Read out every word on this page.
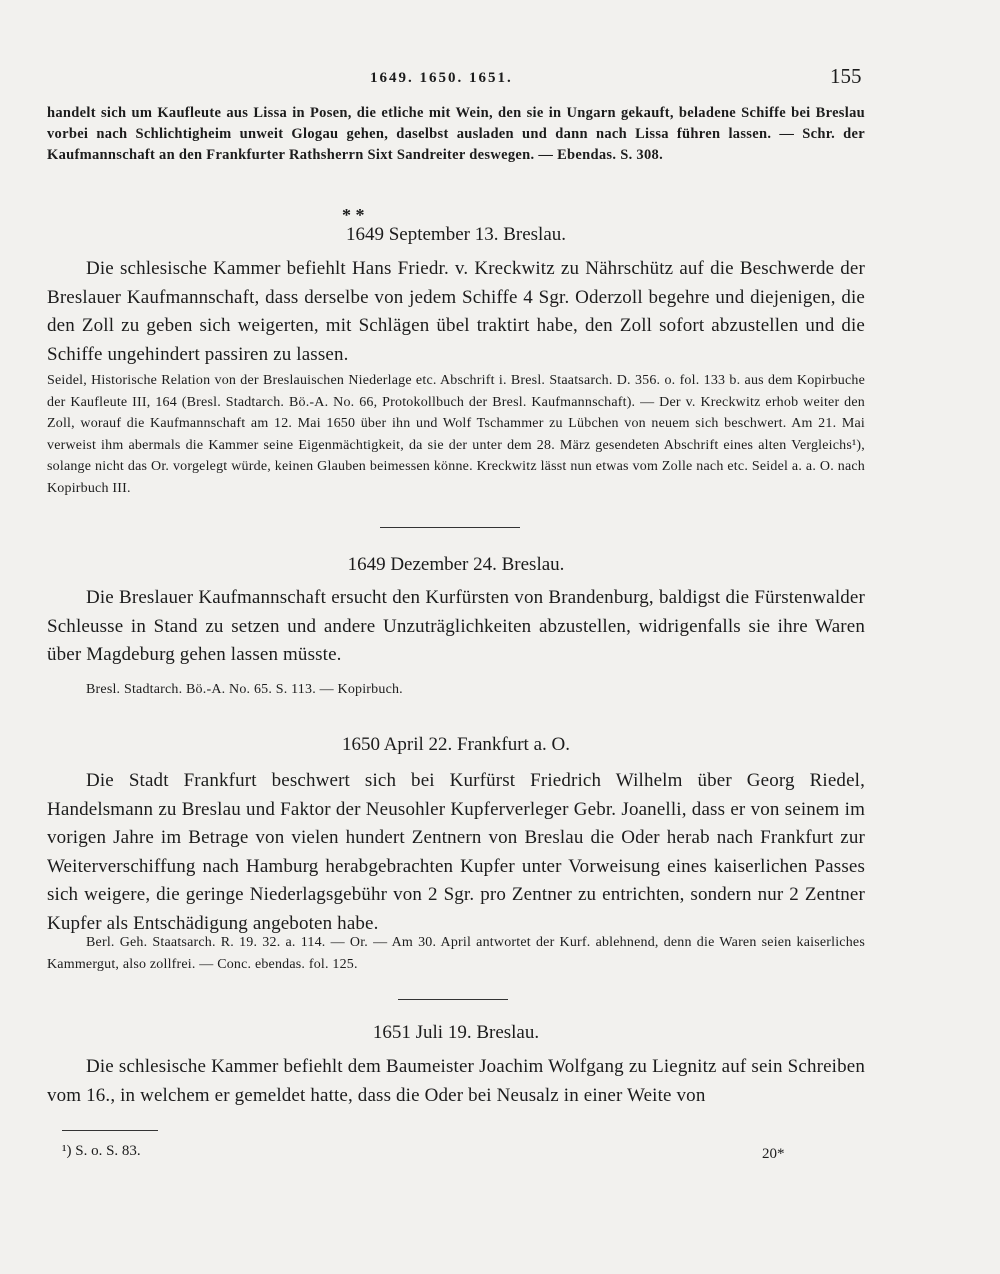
1649. 1650. 1651.	155
handelt sich um Kaufleute aus Lissa in Posen, die etliche mit Wein, den sie in Ungarn gekauft, beladene Schiffe bei Breslau vorbei nach Schlichtigheim unweit Glogau gehen, daselbst ausladen und dann nach Lissa führen lassen. — Schr. der Kaufmannschaft an den Frankfurter Rathsherrn Sixt Sandreiter deswegen. — Ebendas. S. 308.
* *
1649 September 13. Breslau.
Die schlesische Kammer befiehlt Hans Friedr. v. Kreckwitz zu Nährschütz auf die Beschwerde der Breslauer Kaufmannschaft, dass derselbe von jedem Schiffe 4 Sgr. Oderzoll begehre und diejenigen, die den Zoll zu geben sich weigerten, mit Schlägen übel traktirt habe, den Zoll sofort abzustellen und die Schiffe ungehindert passiren zu lassen.
Seidel, Historische Relation von der Breslauischen Niederlage etc. Abschrift i. Bresl. Staatsarch. D. 356. o. fol. 133 b. aus dem Kopirbuche der Kaufleute III, 164 (Bresl. Stadtarch. Bö.-A. No. 66, Protokollbuch der Bresl. Kaufmannschaft). — Der v. Kreckwitz erhob weiter den Zoll, worauf die Kaufmannschaft am 12. Mai 1650 über ihn und Wolf Tschammer zu Lübchen von neuem sich beschwert. Am 21. Mai verweist ihm abermals die Kammer seine Eigenmächtigkeit, da sie der unter dem 28. März gesendeten Abschrift eines alten Vergleichs¹), solange nicht das Or. vorgelegt würde, keinen Glauben beimessen könne. Kreckwitz lässt nun etwas vom Zolle nach etc. Seidel a. a. O. nach Kopirbuch III.
1649 Dezember 24. Breslau.
Die Breslauer Kaufmannschaft ersucht den Kurfürsten von Brandenburg, baldigst die Fürstenwalder Schleusse in Stand zu setzen und andere Unzuträglichkeiten abzustellen, widrigenfalls sie ihre Waren über Magdeburg gehen lassen müsste.
Bresl. Stadtarch. Bö.-A. No. 65. S. 113. — Kopirbuch.
1650 April 22. Frankfurt a. O.
Die Stadt Frankfurt beschwert sich bei Kurfürst Friedrich Wilhelm über Georg Riedel, Handelsmann zu Breslau und Faktor der Neusohler Kupferverleger Gebr. Joanelli, dass er von seinem im vorigen Jahre im Betrage von vielen hundert Zentnern von Breslau die Oder herab nach Frankfurt zur Weiterverschiffung nach Hamburg herabgebrachten Kupfer unter Vorweisung eines kaiserlichen Passes sich weigere, die geringe Niederlagsgebühr von 2 Sgr. pro Zentner zu entrichten, sondern nur 2 Zentner Kupfer als Entschädigung angeboten habe.
Berl. Geh. Staatsarch. R. 19. 32. a. 114. — Or. — Am 30. April antwortet der Kurf. ablehnend, denn die Waren seien kaiserliches Kammergut, also zollfrei. — Conc. ebendas. fol. 125.
1651 Juli 19. Breslau.
Die schlesische Kammer befiehlt dem Baumeister Joachim Wolfgang zu Liegnitz auf sein Schreiben vom 16., in welchem er gemeldet hatte, dass die Oder bei Neusalz in einer Weite von
¹) S. o. S. 83.	20*
